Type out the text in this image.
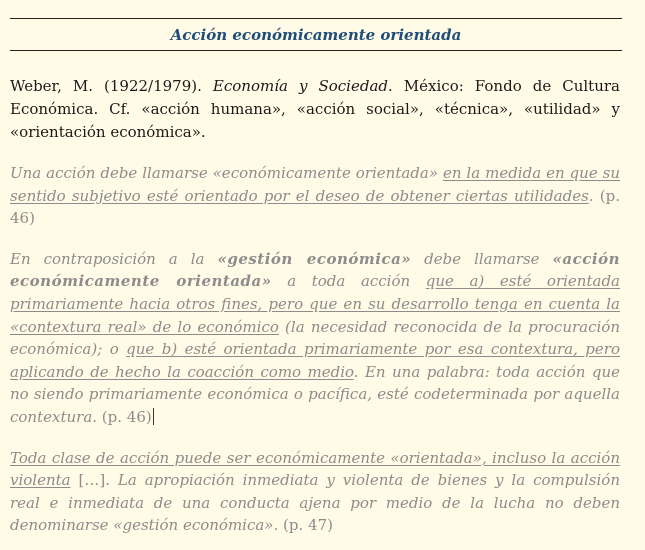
Acción económicamente orientada
Weber, M. (1922/1979). Economía y Sociedad. México: Fondo de Cultura Económica. Cf. «acción humana», «acción social», «técnica», «utilidad» y «orientación económica».
Una acción debe llamarse «económicamente orientada» en la medida en que su sentido subjetivo esté orientado por el deseo de obtener ciertas utilidades. (p. 46)
En contraposición a la «gestión económica» debe llamarse «acción económicamente orientada» a toda acción que a) esté orientada primariamente hacia otros fines, pero que en su desarrollo tenga en cuenta la «contextura real» de lo económico (la necesidad reconocida de la procuración económica); o que b) esté orientada primariamente por esa contextura, pero aplicando de hecho la coacción como medio. En una palabra: toda acción que no siendo primariamente económica o pacífica, esté codeterminada por aquella contextura. (p. 46)
Toda clase de acción puede ser económicamente «orientada», incluso la acción violenta […]. La apropiación inmediata y violenta de bienes y la compulsión real e inmediata de una conducta ajena por medio de la lucha no deben denominarse «gestión económica». (p. 47)
